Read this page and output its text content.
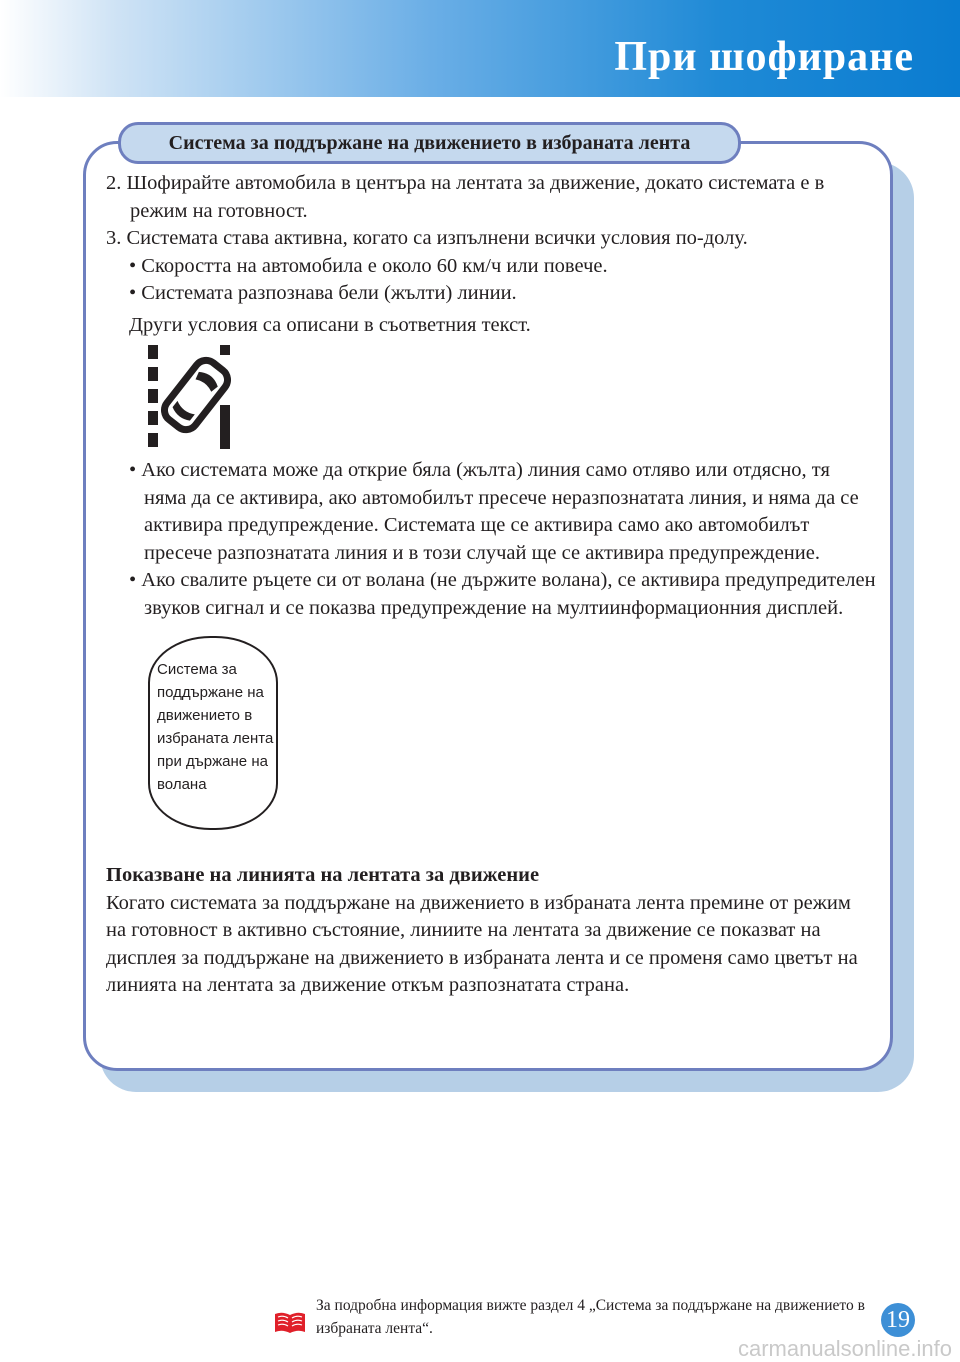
При шофиране
Система за поддържане на движението в избраната лента

2. Шофирайте автомобила в центъра на лентата за движение, докато системата е в режим на готовност.

3. Системата става активна, когато са изпълнени всички условия по-долу.

• Скоростта на автомобила е около 60 км/ч или повече.

• Системата разпознава бели (жълти) линии.

Други условия са описани в съответния текст.

• Ако системата може да открие бяла (жълта) линия само отляво или отдясно, тя няма да се активира, ако автомобилът пресече неразпознатата линия, и няма да се активира предупреждение. Системата ще се активира само ако автомобилът пресече разпознатата линия и в този случай ще се активира предупреждение.

• Ако свалите ръцете си от волана (не държите волана), се активира предупредителен звуков сигнал и се показва предупреждение на мултиинформационния дисплей.

Система за
поддържане на
движението в
избраната лента
при държане на
волана

Показване на линията на лентата за движение

Когато системата за поддържане на движението в избраната лента премине от режим на готовност в активно състояние, линиите на лентата за движение се показват на дисплея за поддържане на движението в избраната лента и се променя само цветът на линията на лентата за движение откъм разпознатата страна.

За подробна информация вижте раздел 4 „Система за поддържане на движението в избраната лента“.	19
carmanualsonline.info
